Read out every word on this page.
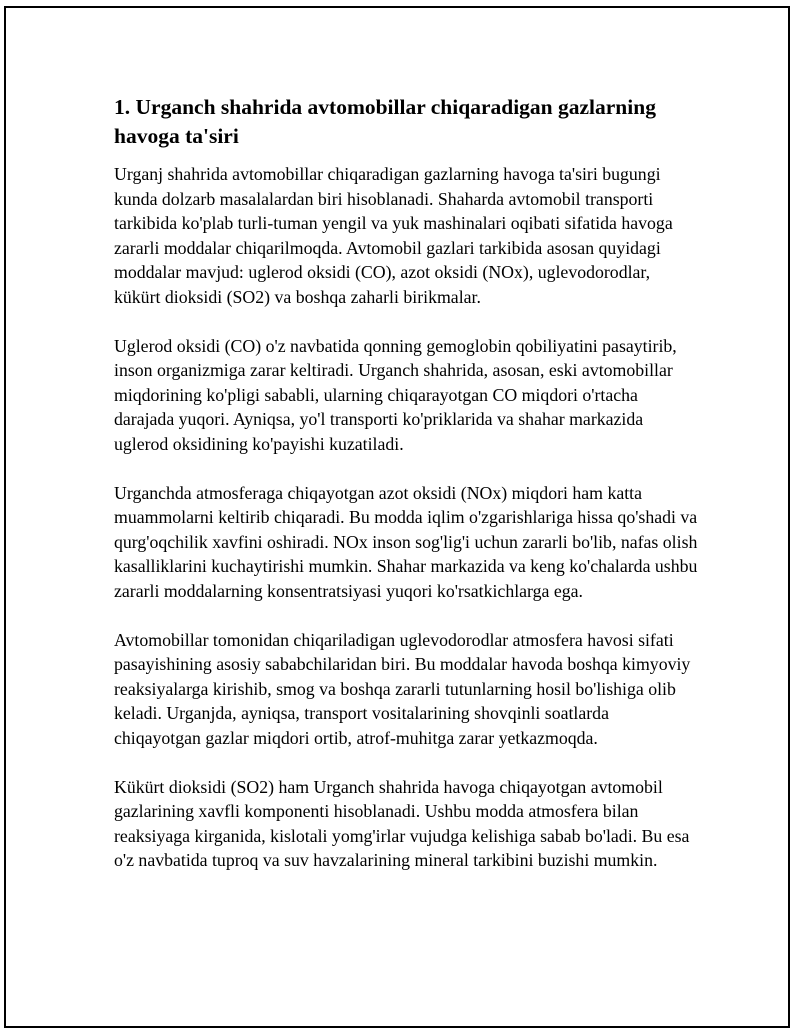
1. Urganch shahrida avtomobillar chiqaradigan gazlarning havoga ta'siri

Urganj shahrida avtomobillar chiqaradigan gazlarning havoga ta'siri bugungi kunda dolzarb masalalardan biri hisoblanadi. Shaharda avtomobil transporti tarkibida ko'plab turli-tuman yengil va yuk mashinalari oqibati sifatida havoga zararli moddalar chiqarilmoqda. Avtomobil gazlari tarkibida asosan quyidagi moddalar mavjud: uglerod oksidi (CO), azot oksidi (NOx), uglevodorodlar, kükürt dioksidi (SO2) va boshqa zaharli birikmalar.

Uglerod oksidi (CO) o'z navbatida qonning gemoglobin qobiliyatini pasaytirib, inson organizmiga zarar keltiradi. Urganch shahrida, asosan, eski avtomobillar miqdorining ko'pligi sababli, ularning chiqarayotgan CO miqdori o'rtacha darajada yuqori. Ayniqsa, yo'l transporti ko'priklarida va shahar markazida uglerod oksidining ko'payishi kuzatiladi.

Urganchda atmosferaga chiqayotgan azot oksidi (NOx) miqdori ham katta muammolarni keltirib chiqaradi. Bu modda iqlim o'zgarishlariga hissa qo'shadi va qurg'oqchilik xavfini oshiradi. NOx inson sog'lig'i uchun zararli bo'lib, nafas olish kasalliklarini kuchaytirishi mumkin. Shahar markazida va keng ko'chalarda ushbu zararli moddalarning konsentratsiyasi yuqori ko'rsatkichlarga ega.

Avtomobillar tomonidan chiqariladigan uglevodorodlar atmosfera havosi sifati pasayishining asosiy sababchilaridan biri. Bu moddalar havoda boshqa kimyoviy reaksiyalarga kirishib, smog va boshqa zararli tutunlarning hosil bo'lishiga olib keladi. Urganjda, ayniqsa, transport vositalarining shovqinli soatlarda chiqayotgan gazlar miqdori ortib, atrof-muhitga zarar yetkazmoqda.

Kükürt dioksidi (SO2) ham Urganch shahrida havoga chiqayotgan avtomobil gazlarining xavfli komponenti hisoblanadi. Ushbu modda atmosfera bilan reaksiyaga kirganida, kislotali yomg'irlar vujudga kelishiga sabab bo'ladi. Bu esa o'z navbatida tuproq va suv havzalarining mineral tarkibini buzishi mumkin.
